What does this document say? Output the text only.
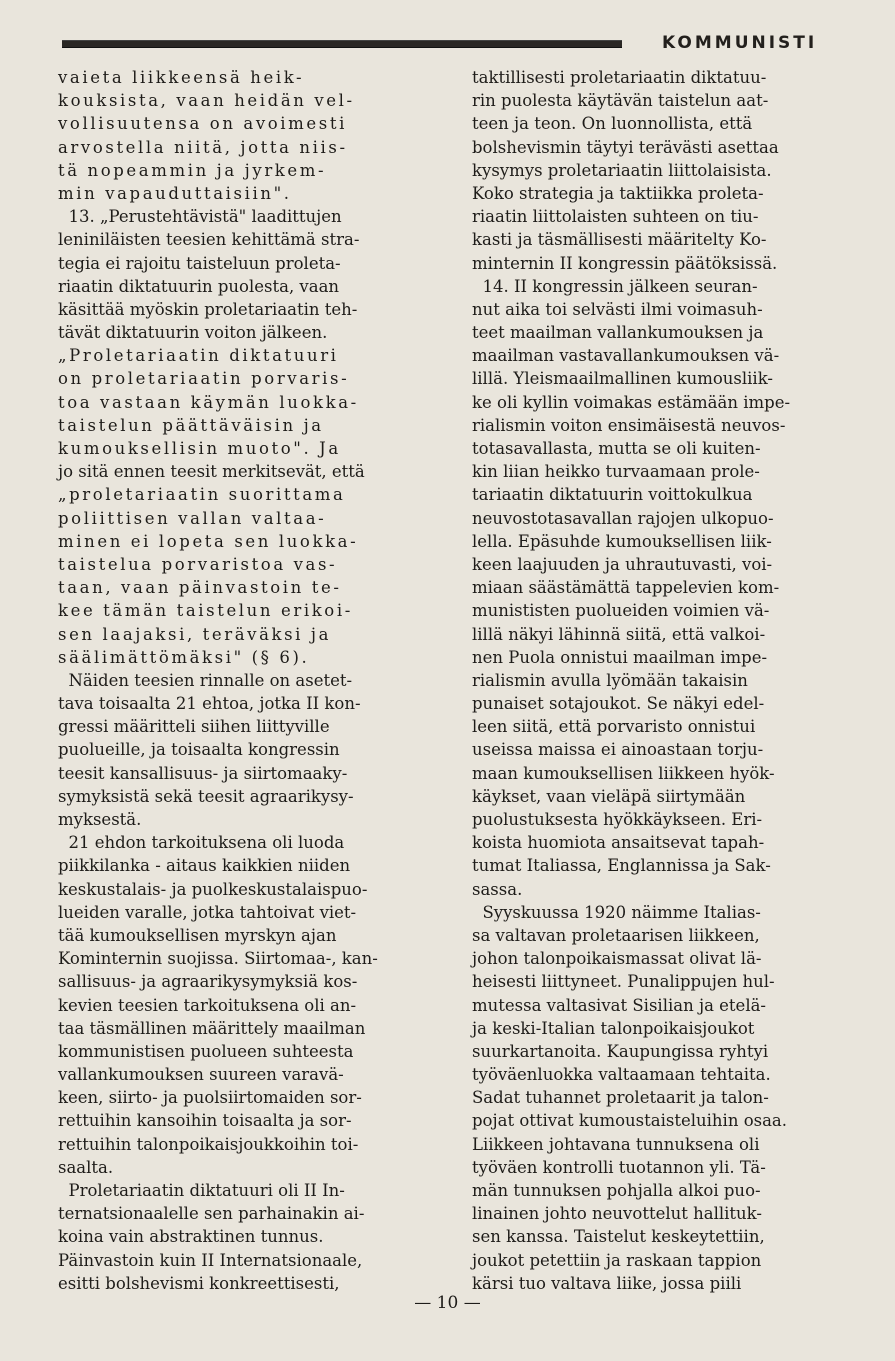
KOMMUNISTI
vaieta liikkeensä heik-
kouksista, vaan heidän vel-
vollisuutensa on avoimesti
arvostella niitä, jotta niis-
tä nopeammin ja jyrkem-
min vapauduttaisiin".
13. „Perustehtävistä" laadittujen
leniniläisten teesien kehittämä stra-
tegia ei rajoitu taisteluun proleta-
riaatin diktatuurin puolesta, vaan
käsittää myöskin proletariaatin teh-
tävät diktatuurin voiton jälkeen.
„Proletariaatin diktatuuri
on proletariaatin porvaris-
toa vastaan käymän luokka-
taistelun päättäväisin ja
kumouksellisin muoto". Ja
jo sitä ennen teesit merkitsevät, että
„proletariaatin suorittama
poliittisen vallan valtaa-
minen ei lopeta sen luokka-
taistelua porvaristoa vas-
taan, vaan päinvastoin te-
kee tämän taistelun erikoi-
sen laajaksi, teräväksi ja
säälimättömäksi" (§ 6).
Näiden teesien rinnalle on asetet-
tava toisaalta 21 ehtoa, jotka II kon-
gressi määritteli siihen liittyville
puolueille, ja toisaalta kongressin
teesit kansallisuus- ja siirtomaaky-
symyksistä sekä teesit agraarikysy-
myksestä.
21 ehdon tarkoituksena oli luoda
piikkilanka - aitaus kaikkien niiden
keskustalais- ja puolkeskustalaispuo-
lueiden varalle, jotka tahtoivat viet-
tää kumouksellisen myrskyn ajan
Kominternin suojissa. Siirtomaa-, kan-
sallisuus- ja agraarikysymyksiä kos-
kevien teesien tarkoituksena oli an-
taa täsmällinen määrittely maailman
kommunistisen puolueen suhteesta
vallankumouksen suureen varavä-
keen, siirto- ja puolsiirtomaiden sor-
rettuihin kansoihin toisaalta ja sor-
rettuihin talonpoikaisjoukkoihin toi-
saalta.
Proletariaatin diktatuuri oli II In-
ternatsionaalelle sen parhainakin ai-
koina vain abstraktinen tunnus.
Päinvastoin kuin II Internatsionaale,
esitti bolshevismi konkreettisesti,
taktillisesti proletariaatin diktatuu-
rin puolesta käytävän taistelun aat-
teen ja teon. On luonnollista, että
bolshevismin täytyi terävästi asettaa
kysymys proletariaatin liittolaisista.
Koko strategia ja taktiikka proleta-
riaatin liittolaisten suhteen on tiu-
kasti ja täsmällisesti määritelty Ko-
minternin II kongressin päätöksissä.
14. II kongressin jälkeen seuran-
nut aika toi selvästi ilmi voimasuh-
teet maailman vallankumouksen ja
maailman vastavallankumouksen vä-
lillä. Yleismaailmallinen kumousliik-
ke oli kyllin voimakas estämään impe-
rialismin voiton ensimäisestä neuvos-
totasavallasta, mutta se oli kuiten-
kin liian heikko turvaamaan prole-
tariaatin diktatuurin voittokulkua
neuvostotasavallan rajojen ulkopuo-
lella. Epäsuhde kumouksellisen liik-
keen laajuuden ja uhrautuvasti, voi-
miaan säästämättä tappelevien kom-
munististen puolueiden voimien vä-
lillä näkyi lähinnä siitä, että valkoi-
nen Puola onnistui maailman impe-
rialismin avulla lyömään takaisin
punaiset sotajoukot. Se näkyi edel-
leen siitä, että porvaristo onnistui
useissa maissa ei ainoastaan torju-
maan kumouksellisen liikkeen hyök-
käykset, vaan vieläpä siirtymään
puolustuksesta hyökkäykseen. Eri-
koista huomiota ansaitsevat tapah-
tumat Italiassa, Englannissa ja Sak-
sassa.
Syyskuussa 1920 näimme Italias-
sa valtavan proletaarisen liikkeen,
johon talonpoikaismassat olivat lä-
heisesti liittyneet. Punalippujen hul-
mutessa valtasivat Sisilian ja etelä-
ja keski-Italian talonpoikaisjoukot
suurkartanoita. Kaupungissa ryhtyi
työväenluokka valtaamaan tehtaita.
Sadat tuhannet proletaarit ja talon-
pojat ottivat kumoustaisteluihin osaa.
Liikkeen johtavana tunnuksena oli
työväen kontrolli tuotannon yli. Tä-
män tunnuksen pohjalla alkoi puo-
linainen johto neuvottelut hallituk-
sen kanssa. Taistelut keskeytettiin,
joukot petettiin ja raskaan tappion
kärsi tuo valtava liike, jossa piili
— 10 —
